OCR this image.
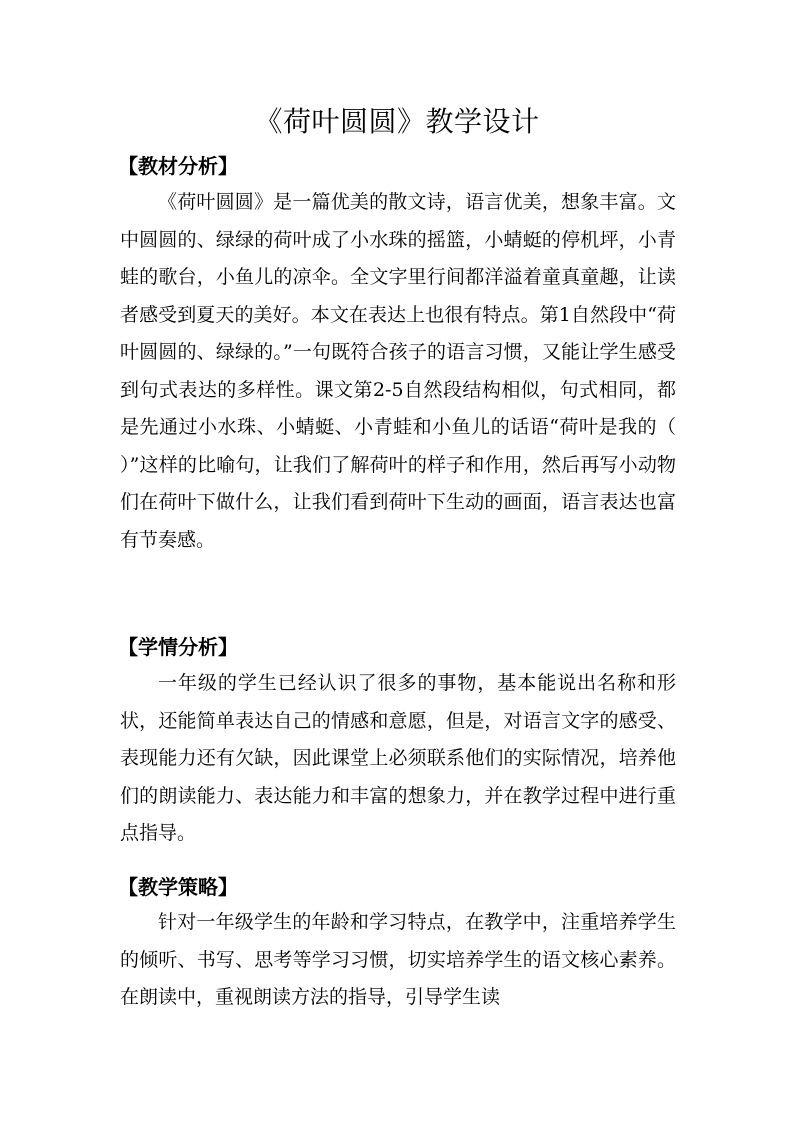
《荷叶圆圆》教学设计
【教材分析】
《荷叶圆圆》是一篇优美的散文诗，语言优美，想象丰富。文中圆圆的、绿绿的荷叶成了小水珠的摇篮，小蜻蜓的停机坪，小青蛙的歌台，小鱼儿的凉伞。全文字里行间都洋溢着童真童趣，让读者感受到夏天的美好。本文在表达上也很有特点。第1自然段中“荷叶圆圆的、绿绿的。”一句既符合孩子的语言习惯，又能让学生感受到句式表达的多样性。课文第2-5自然段结构相似，句式相同，都是先通过小水珠、小蜻蜓、小青蛙和小鱼儿的话语“荷叶是我的（　　）”这样的比喻句，让我们了解荷叶的样子和作用，然后再写小动物们在荷叶下做什么，让我们看到荷叶下生动的画面，语言表达也富有节奏感。
【学情分析】
一年级的学生已经认识了很多的事物，基本能说出名称和形状，还能简单表达自己的情感和意愿，但是，对语言文字的感受、表现能力还有欠缺，因此课堂上必须联系他们的实际情况，培养他们的朗读能力、表达能力和丰富的想象力，并在教学过程中进行重点指导。
【教学策略】
针对一年级学生的年龄和学习特点，在教学中，注重培养学生的倾听、书写、思考等学习习惯，切实培养学生的语文核心素养。在朗读中，重视朗读方法的指导，引导学生读
